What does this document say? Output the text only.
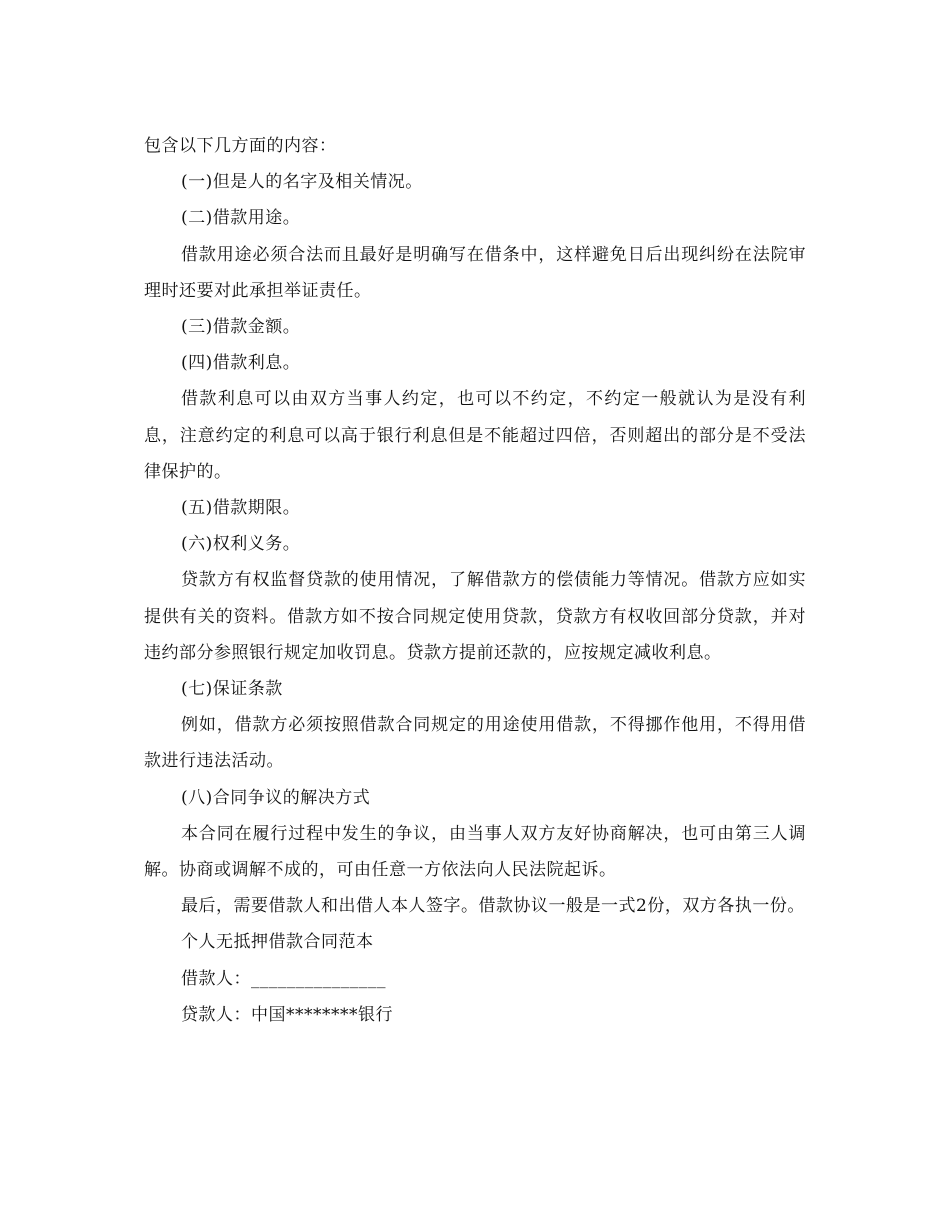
包含以下几方面的内容：

(一)但是人的名字及相关情况。

(二)借款用途。

借款用途必须合法而且最好是明确写在借条中，这样避免日后出现纠纷在法院审理时还要对此承担举证责任。

(三)借款金额。

(四)借款利息。

借款利息可以由双方当事人约定，也可以不约定，不约定一般就认为是没有利息，注意约定的利息可以高于银行利息但是不能超过四倍，否则超出的部分是不受法律保护的。

(五)借款期限。

(六)权利义务。

贷款方有权监督贷款的使用情况，了解借款方的偿债能力等情况。借款方应如实提供有关的资料。借款方如不按合同规定使用贷款，贷款方有权收回部分贷款，并对违约部分参照银行规定加收罚息。贷款方提前还款的，应按规定减收利息。

(七)保证条款

例如，借款方必须按照借款合同规定的用途使用借款，不得挪作他用，不得用借款进行违法活动。

(八)合同争议的解决方式

本合同在履行过程中发生的争议，由当事人双方友好协商解决，也可由第三人调解。协商或调解不成的，可由任意一方依法向人民法院起诉。

最后，需要借款人和出借人本人签字。借款协议一般是一式2份，双方各执一份。

个人无抵押借款合同范本

借款人：_______________

贷款人：中国********银行
